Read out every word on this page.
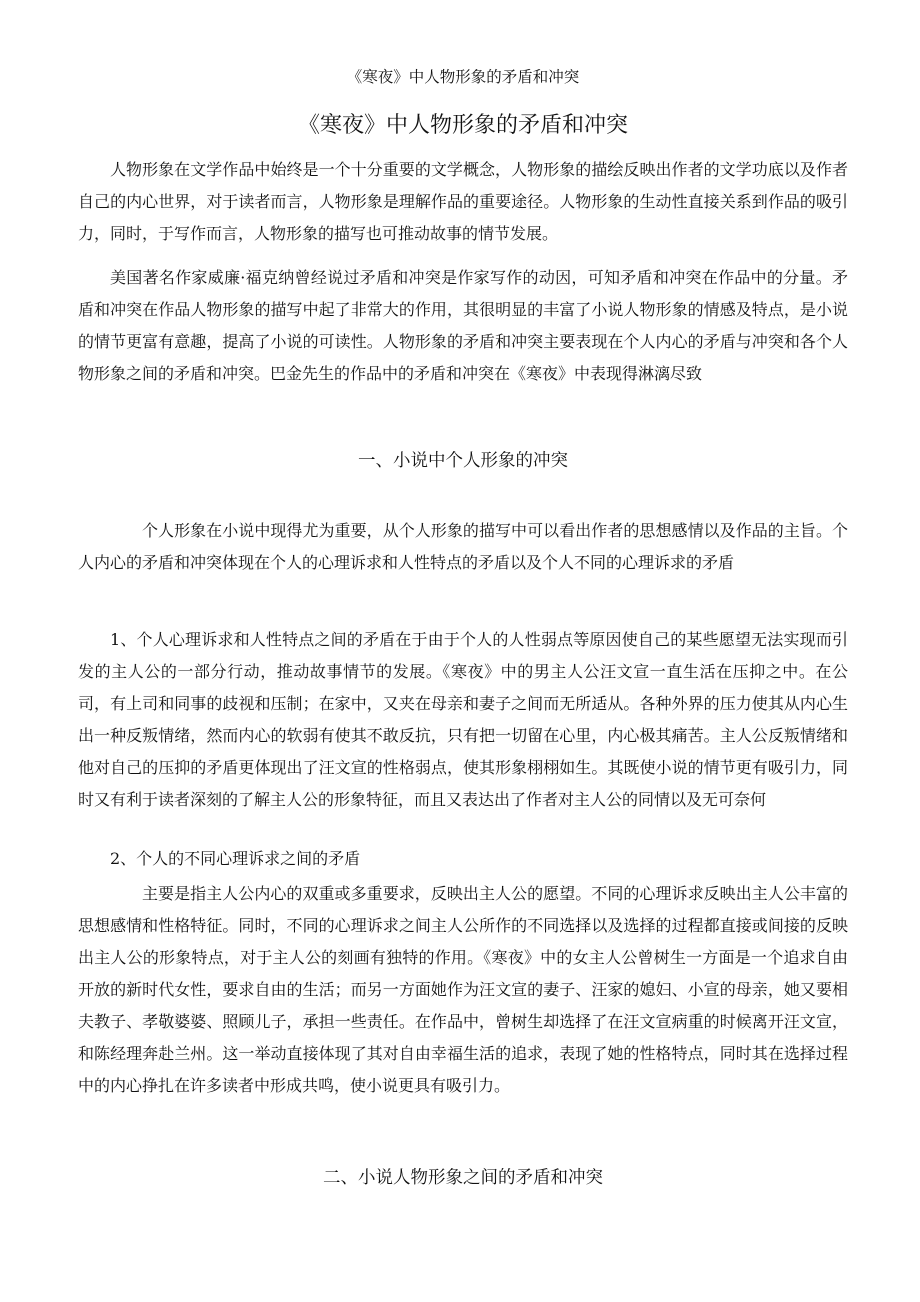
《寒夜》中人物形象的矛盾和冲突
《寒夜》中人物形象的矛盾和冲突

人物形象在文学作品中始终是一个十分重要的文学概念，人物形象的描绘反映出作者的文学功底以及作者自己的内心世界，对于读者而言，人物形象是理解作品的重要途径。人物形象的生动性直接关系到作品的吸引力，同时，于写作而言，人物形象的描写也可推动故事的情节发展。

美国著名作家威廉·福克纳曾经说过矛盾和冲突是作家写作的动因，可知矛盾和冲突在作品中的分量。矛盾和冲突在作品人物形象的描写中起了非常大的作用，其很明显的丰富了小说人物形象的情感及特点，是小说的情节更富有意趣，提高了小说的可读性。人物形象的矛盾和冲突主要表现在个人内心的矛盾与冲突和各个人物形象之间的矛盾和冲突。巴金先生的作品中的矛盾和冲突在《寒夜》中表现得淋漓尽致

一、小说中个人形象的冲突

个人形象在小说中现得尤为重要，从个人形象的描写中可以看出作者的思想感情以及作品的主旨。个人内心的矛盾和冲突体现在个人的心理诉求和人性特点的矛盾以及个人不同的心理诉求的矛盾

1、个人心理诉求和人性特点之间的矛盾在于由于个人的人性弱点等原因使自己的某些愿望无法实现而引发的主人公的一部分行动，推动故事情节的发展。《寒夜》中的男主人公汪文宣一直生活在压抑之中。在公司，有上司和同事的歧视和压制；在家中，又夹在母亲和妻子之间而无所适从。各种外界的压力使其从内心生出一种反叛情绪，然而内心的软弱有使其不敢反抗，只有把一切留在心里，内心极其痛苦。主人公反叛情绪和他对自己的压抑的矛盾更体现出了汪文宣的性格弱点，使其形象栩栩如生。其既使小说的情节更有吸引力，同时又有利于读者深刻的了解主人公的形象特征，而且又表达出了作者对主人公的同情以及无可奈何

2、个人的不同心理诉求之间的矛盾

主要是指主人公内心的双重或多重要求，反映出主人公的愿望。不同的心理诉求反映出主人公丰富的思想感情和性格特征。同时，不同的心理诉求之间主人公所作的不同选择以及选择的过程都直接或间接的反映出主人公的形象特点，对于主人公的刻画有独特的作用。《寒夜》中的女主人公曾树生一方面是一个追求自由开放的新时代女性，要求自由的生活；而另一方面她作为汪文宣的妻子、汪家的媳妇、小宣的母亲，她又要相夫教子、孝敬婆婆、照顾儿子，承担一些责任。在作品中，曾树生却选择了在汪文宣病重的时候离开汪文宣，和陈经理奔赴兰州。这一举动直接体现了其对自由幸福生活的追求，表现了她的性格特点，同时其在选择过程中的内心挣扎在许多读者中形成共鸣，使小说更具有吸引力。

二、小说人物形象之间的矛盾和冲突
